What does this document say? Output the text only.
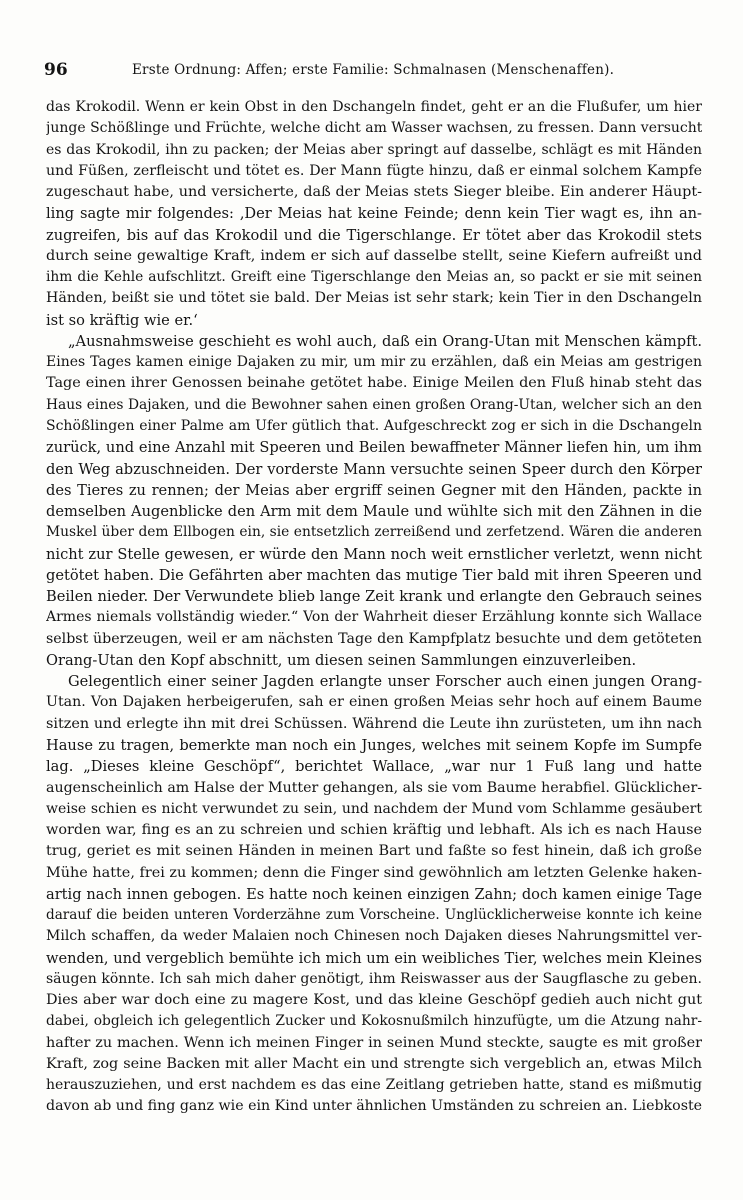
96	Erste Ordnung: Affen; erste Familie: Schmalnasen (Menschenaffen).
das Krokodil. Wenn er kein Obst in den Dschangeln findet, geht er an die Flußufer, um hier
junge Schößlinge und Früchte, welche dicht am Wasser wachsen, zu fressen. Dann versucht
es das Krokodil, ihn zu packen; der Meias aber springt auf dasselbe, schlägt es mit Händen
und Füßen, zerfleischt und tötet es. Der Mann fügte hinzu, daß er einmal solchem Kampfe
zugeschaut habe, und versicherte, daß der Meias stets Sieger bleibe. Ein anderer Häupt-
ling sagte mir folgendes: ‚Der Meias hat keine Feinde; denn kein Tier wagt es, ihn an-
zugreifen, bis auf das Krokodil und die Tigerschlange. Er tötet aber das Krokodil stets
durch seine gewaltige Kraft, indem er sich auf dasselbe stellt, seine Kiefern aufreißt und
ihm die Kehle aufschlitzt. Greift eine Tigerschlange den Meias an, so packt er sie mit seinen
Händen, beißt sie und tötet sie bald. Der Meias ist sehr stark; kein Tier in den Dschangeln
ist so kräftig wie er.‘
„Ausnahmsweise geschieht es wohl auch, daß ein Orang-Utan mit Menschen kämpft.
Eines Tages kamen einige Dajaken zu mir, um mir zu erzählen, daß ein Meias am gestrigen
Tage einen ihrer Genossen beinahe getötet habe. Einige Meilen den Fluß hinab steht das
Haus eines Dajaken, und die Bewohner sahen einen großen Orang-Utan, welcher sich an den
Schößlingen einer Palme am Ufer gütlich that. Aufgeschreckt zog er sich in die Dschangeln
zurück, und eine Anzahl mit Speeren und Beilen bewaffneter Männer liefen hin, um ihm
den Weg abzuschneiden. Der vorderste Mann versuchte seinen Speer durch den Körper
des Tieres zu rennen; der Meias aber ergriff seinen Gegner mit den Händen, packte in
demselben Augenblicke den Arm mit dem Maule und wühlte sich mit den Zähnen in die
Muskel über dem Ellbogen ein, sie entsetzlich zerreißend und zerfetzend. Wären die anderen
nicht zur Stelle gewesen, er würde den Mann noch weit ernstlicher verletzt, wenn nicht
getötet haben. Die Gefährten aber machten das mutige Tier bald mit ihren Speeren und
Beilen nieder. Der Verwundete blieb lange Zeit krank und erlangte den Gebrauch seines
Armes niemals vollständig wieder.“ Von der Wahrheit dieser Erzählung konnte sich Wallace
selbst überzeugen, weil er am nächsten Tage den Kampfplatz besuchte und dem getöteten
Orang-Utan den Kopf abschnitt, um diesen seinen Sammlungen einzuverleiben.
Gelegentlich einer seiner Jagden erlangte unser Forscher auch einen jungen Orang-
Utan. Von Dajaken herbeigerufen, sah er einen großen Meias sehr hoch auf einem Baume
sitzen und erlegte ihn mit drei Schüssen. Während die Leute ihn zurüsteten, um ihn nach
Hause zu tragen, bemerkte man noch ein Junges, welches mit seinem Kopfe im Sumpfe
lag. „Dieses kleine Geschöpf“, berichtet Wallace, „war nur 1 Fuß lang und hatte
augenscheinlich am Halse der Mutter gehangen, als sie vom Baume herabfiel. Glücklicher-
weise schien es nicht verwundet zu sein, und nachdem der Mund vom Schlamme gesäubert
worden war, fing es an zu schreien und schien kräftig und lebhaft. Als ich es nach Hause
trug, geriet es mit seinen Händen in meinen Bart und faßte so fest hinein, daß ich große
Mühe hatte, frei zu kommen; denn die Finger sind gewöhnlich am letzten Gelenke haken-
artig nach innen gebogen. Es hatte noch keinen einzigen Zahn; doch kamen einige Tage
darauf die beiden unteren Vorderzähne zum Vorscheine. Unglücklicherweise konnte ich keine
Milch schaffen, da weder Malaien noch Chinesen noch Dajaken dieses Nahrungsmittel ver-
wenden, und vergeblich bemühte ich mich um ein weibliches Tier, welches mein Kleines
säugen könnte. Ich sah mich daher genötigt, ihm Reiswasser aus der Saugflasche zu geben.
Dies aber war doch eine zu magere Kost, und das kleine Geschöpf gedieh auch nicht gut
dabei, obgleich ich gelegentlich Zucker und Kokosnußmilch hinzufügte, um die Atzung nahr-
hafter zu machen. Wenn ich meinen Finger in seinen Mund steckte, saugte es mit großer
Kraft, zog seine Backen mit aller Macht ein und strengte sich vergeblich an, etwas Milch
herauszuziehen, und erst nachdem es das eine Zeitlang getrieben hatte, stand es mißmutig
davon ab und fing ganz wie ein Kind unter ähnlichen Umständen zu schreien an. Liebkoste
